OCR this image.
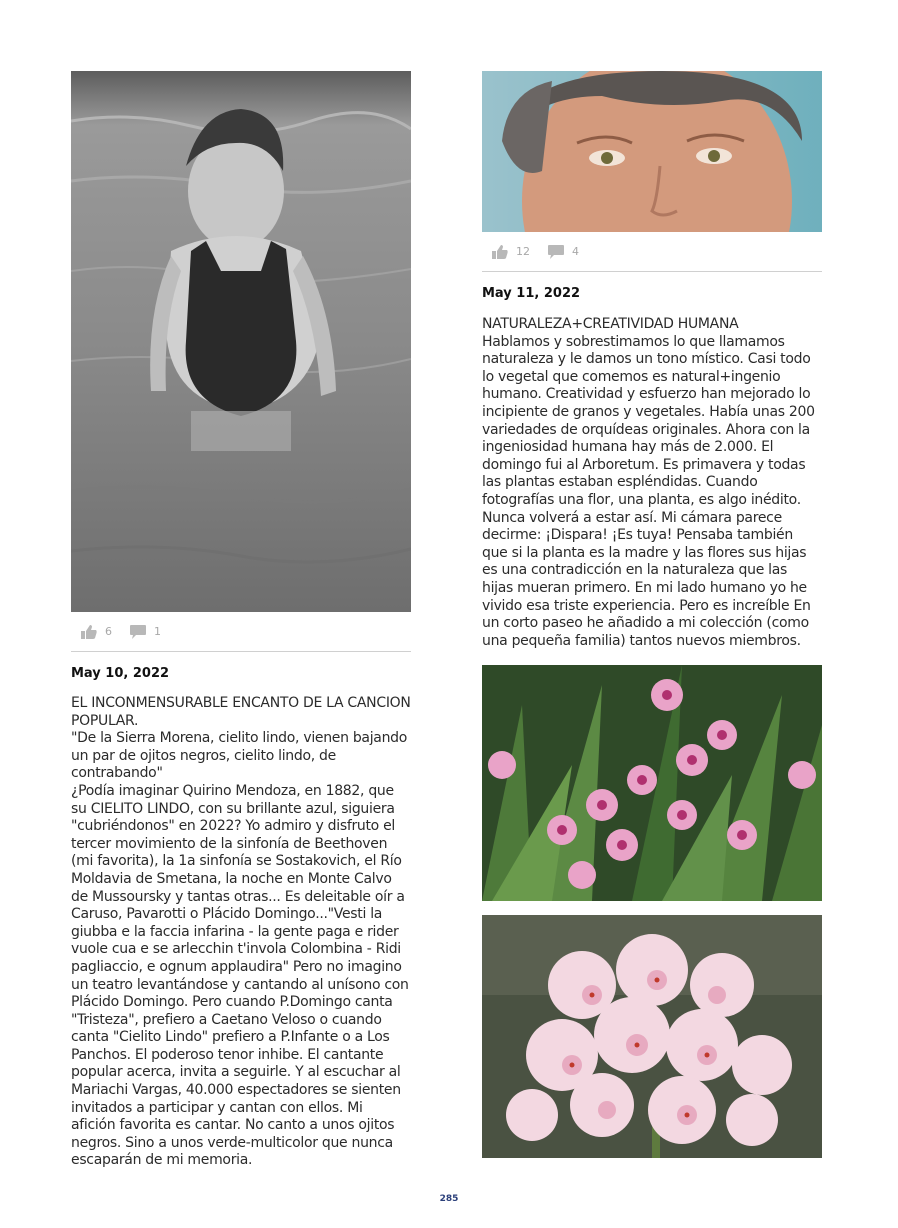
6	1
May 10, 2022

EL INCONMENSURABLE ENCANTO DE LA CANCION POPULAR.

"De la Sierra Morena, cielito lindo, vienen bajando un par de ojitos negros, cielito lindo, de contrabando"
¿Podía imaginar Quirino Mendoza, en 1882, que su CIELITO LINDO, con su brillante azul, siguiera "cubriéndonos" en 2022? Yo admiro y disfruto el tercer movimiento de la sinfonía de Beethoven (mi favorita), la 1a sinfonía se Sostakovich, el Río Moldavia de Smetana, la noche en Monte Calvo de Mussoursky y tantas otras... Es deleitable oír a Caruso, Pavarotti o Plácido Domingo..."Vesti la giubba e la faccia infarina - la gente paga e rider vuole cua e se arlecchin t'invola Colombina - Ridi pagliaccio, e ognum applaudira" Pero no imagino un teatro levantándose y cantando al unísono con Plácido Domingo. Pero cuando P.Domingo canta "Tristeza", prefiero a Caetano Veloso o cuando canta "Cielito Lindo" prefiero a P.Infante o a Los Panchos. El poderoso tenor inhibe. El cantante popular acerca, invita a seguirle. Y al escuchar al Mariachi Vargas, 40.000 espectadores se sienten invitados a participar y cantan con ellos. Mi afición favorita es cantar. No canto a unos ojitos negros. Sino a unos verde-multicolor que nunca escaparán de mi memoria.

12	4
May 11, 2022

NATURALEZA+CREATIVIDAD HUMANA

Hablamos y sobrestimamos lo que llamamos naturaleza y le damos un tono místico. Casi todo lo vegetal que comemos es natural+ingenio humano. Creatividad y esfuerzo han mejorado lo incipiente de granos y vegetales. Había unas 200 variedades de orquídeas originales. Ahora con la ingeniosidad humana hay más de 2.000. El domingo fui al Arboretum. Es primavera y todas las plantas estaban espléndidas. Cuando fotografías una flor, una planta, es algo inédito. Nunca volverá a estar así. Mi cámara parece decirme: ¡Dispara! ¡Es tuya! Pensaba también que si la planta es la madre y las flores sus hijas es una contradicción en la naturaleza que las hijas mueran primero. En mi lado humano yo he vivido esa triste experiencia. Pero es increíble En un corto paseo he añadido a mi colección (como una pequeña familia) tantos nuevos miembros.

285
